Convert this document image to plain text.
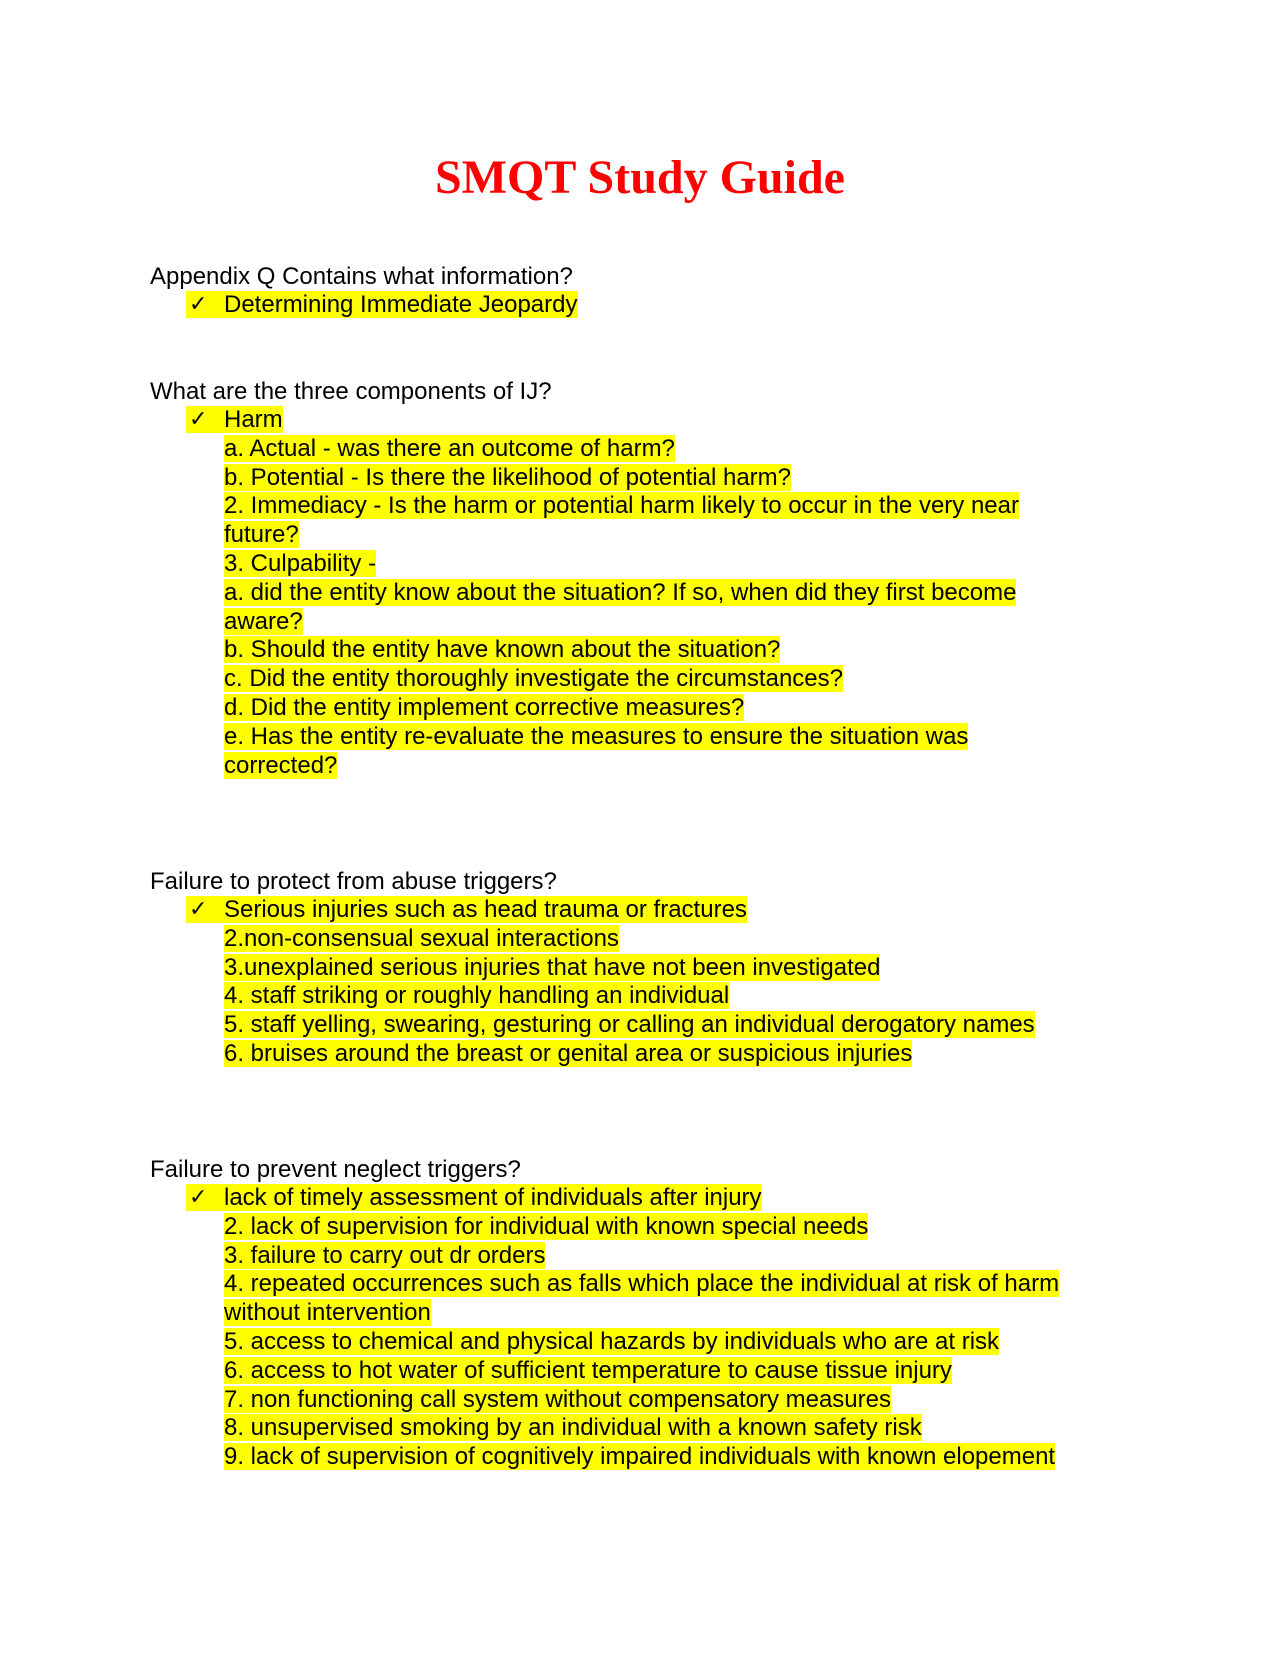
SMQT Study Guide
Appendix Q Contains what information?
✓ Determining Immediate Jeopardy
What are the three components of IJ?
✓ Harm
a. Actual - was there an outcome of harm?
b. Potential - Is there the likelihood of potential harm?
2. Immediacy - Is the harm or potential harm likely to occur in the very near
future?
3. Culpability -
a. did the entity know about the situation? If so, when did they first become
aware?
b. Should the entity have known about the situation?
c. Did the entity thoroughly investigate the circumstances?
d. Did the entity implement corrective measures?
e. Has the entity re-evaluate the measures to ensure the situation was
corrected?
Failure to protect from abuse triggers?
✓ Serious injuries such as head trauma or fractures
2.non-consensual sexual interactions
3.unexplained serious injuries that have not been investigated
4. staff striking or roughly handling an individual
5. staff yelling, swearing, gesturing or calling an individual derogatory names
6. bruises around the breast or genital area or suspicious injuries
Failure to prevent neglect triggers?
✓ lack of timely assessment of individuals after injury
2. lack of supervision for individual with known special needs
3. failure to carry out dr orders
4. repeated occurrences such as falls which place the individual at risk of harm
without intervention
5. access to chemical and physical hazards by individuals who are at risk
6. access to hot water of sufficient temperature to cause tissue injury
7. non functioning call system without compensatory measures
8. unsupervised smoking by an individual with a known safety risk
9. lack of supervision of cognitively impaired individuals with known elopement
